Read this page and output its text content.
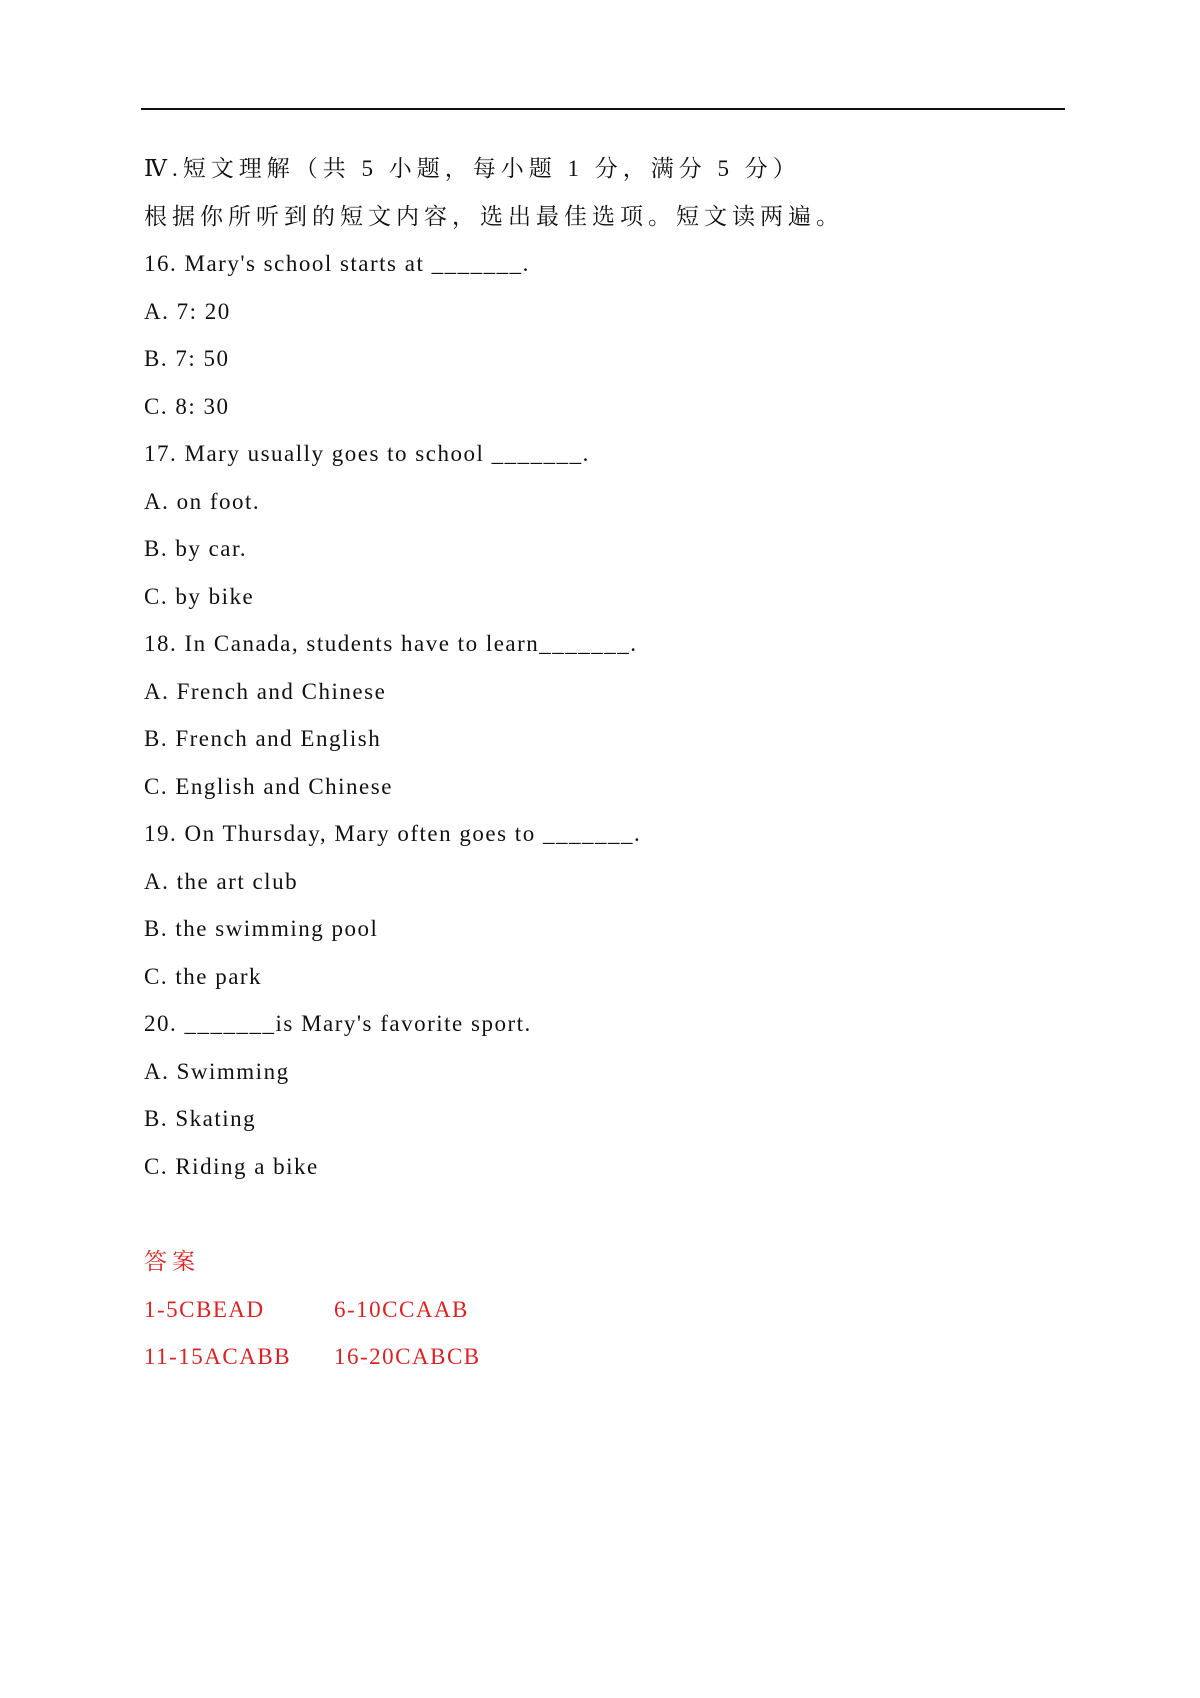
Ⅳ.短文理解（共 5 小题，每小题 1 分，满分 5 分）
根据你所听到的短文内容，选出最佳选项。短文读两遍。
16. Mary's school starts at _______.
A. 7: 20
B. 7: 50
C. 8: 30
17. Mary usually goes to school _______.
A. on foot.
B. by car.
C. by bike
18. In Canada, students have to learn_______.
A. French and Chinese
B. French and English
C. English and Chinese
19. On Thursday, Mary often goes to _______.
A. the art club
B. the swimming pool
C. the park
20. _______is Mary's favorite sport.
A. Swimming
B. Skating
C. Riding a bike
答案
1-5CBEAD	6-10CCAAB
11-15ACABB	16-20CABCB
